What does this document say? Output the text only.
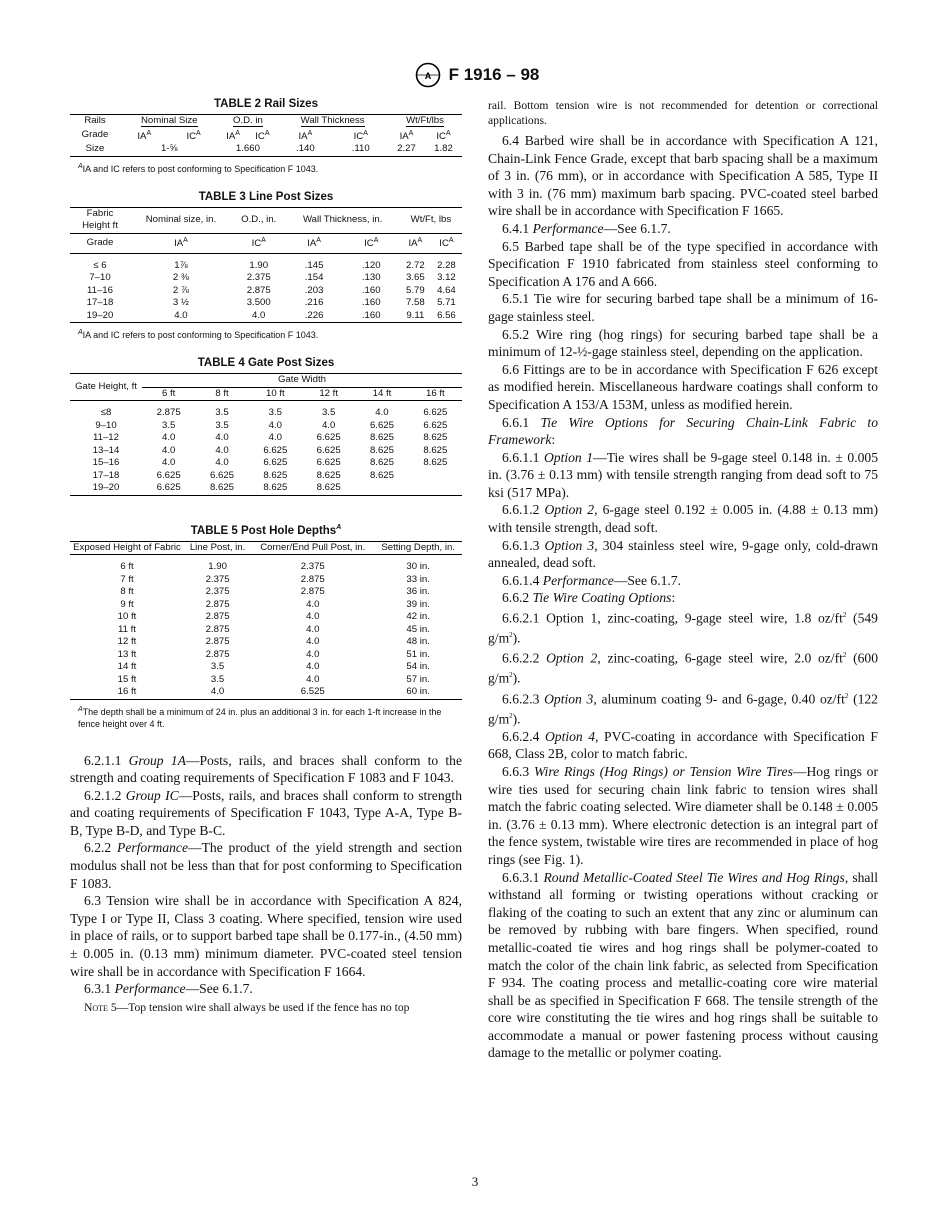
A F 1916 – 98
TABLE 2 Rail Sizes
Rails	Nominal Size		O.D. in		Wall Thickness		Wt/Ft/lbs	
Grade	$IA^A$	$IC^A$	$IA^A$	$IC^A$	$IA^A$	$IC^A$	$IA^A$	$IC^A$
Size	1-⅝		1.660		.140	.110	2.27	1.82
$^A$IA and IC refers to post conforming to Specification F 1043.
TABLE 3 Line Post Sizes
Fabric Height ft	Nominal size, in.	O.D., in.	Wall Thickness, in.		Wt/Ft, lbs	
Grade	$IA^A$	$IC^A$	$IA^A$	$IC^A$	$IA^A$	$IC^A$

≤ 6	1⅞	1.90	.145	.120	2.72	2.28
7–10	2 ⅜	2.375	.154	.130	3.65	3.12
11–16	2 ⅞	2.875	.203	.160	5.79	4.64
17–18	3 ½	3.500	.216	.160	7.58	5.71
19–20	4.0	4.0	.226	.160	9.11	6.56
$^A$IA and IC refers to post conforming to Specification F 1043.
TABLE 4 Gate Post Sizes
Gate Height, ft	Gate Width					
	6 ft	8 ft	10 ft	12 ft	14 ft	16 ft

≤8	2.875	3.5	3.5	3.5	4.0	6.625
9–10	3.5	3.5	4.0	4.0	6.625	6.625
11–12	4.0	4.0	4.0	6.625	8.625	8.625
13–14	4.0	4.0	6.625	6.625	8.625	8.625
15–16	4.0	4.0	6.625	6.625	8.625	8.625
17–18	6.625	6.625	8.625	8.625	8.625	
19–20	6.625	8.625	8.625	8.625		
TABLE 5 Post Hole Depths$^A$
Exposed Height of Fabric	Line Post, in.	Corner/End Pull Post, in.	Setting Depth, in.

6 ft	1.90	2.375	30 in.
7 ft	2.375	2.875	33 in.
8 ft	2.375	2.875	36 in.
9 ft	2.875	4.0	39 in.
10 ft	2.875	4.0	42 in.
11 ft	2.875	4.0	45 in.
12 ft	2.875	4.0	48 in.
13 ft	2.875	4.0	51 in.
14 ft	3.5	4.0	54 in.
15 ft	3.5	4.0	57 in.
16 ft	4.0	6.525	60 in.
$^A$The depth shall be a minimum of 24 in. plus an additional 3 in. for each 1-ft increase in the fence height over 4 ft.

6.2.1.1 Group 1A—Posts, rails, and braces shall conform to the strength and coating requirements of Specification F 1083 and F 1043.

6.2.1.2 Group IC—Posts, rails, and braces shall conform to strength and coating requirements of Specification F 1043, Type A-A, Type B-B, Type B-D, and Type B-C.

6.2.2 Performance—The product of the yield strength and section modulus shall not be less than that for post conforming to Specification F 1083.

6.3 Tension wire shall be in accordance with Specification A 824, Type I or Type II, Class 3 coating. Where specified, tension wire used in place of rails, or to support barbed tape shall be 0.177-in., (4.50 mm) ± 0.005 in. (0.13 mm) minimum diameter. PVC-coated steel tension wire shall be in accordance with Specification F 1664.

6.3.1 Performance—See 6.1.7.

Note 5—Top tension wire shall always be used if the fence has no top

rail. Bottom tension wire is not recommended for detention or correctional applications.

6.4 Barbed wire shall be in accordance with Specification A 121, Chain-Link Fence Grade, except that barb spacing shall be a maximum of 3 in. (76 mm), or in accordance with Specification A 585, Type II with 3 in. (76 mm) maximum barb spacing. PVC-coated steel barbed wire shall be in accordance with Specification F 1665.

6.4.1 Performance—See 6.1.7.

6.5 Barbed tape shall be of the type specified in accordance with Specification F 1910 fabricated from stainless steel conforming to Specification A 176 and A 666.

6.5.1 Tie wire for securing barbed tape shall be a minimum of 16-gage stainless steel.

6.5.2 Wire ring (hog rings) for securing barbed tape shall be a minimum of 12-½-gage stainless steel, depending on the application.

6.6 Fittings are to be in accordance with Specification F 626 except as modified herein. Miscellaneous hardware coatings shall conform to Specification A 153/A 153M, unless as modified herein.

6.6.1 Tie Wire Options for Securing Chain-Link Fabric to Framework:

6.6.1.1 Option 1—Tie wires shall be 9-gage steel 0.148 in. ± 0.005 in. (3.76 ± 0.13 mm) with tensile strength ranging from dead soft to 75 ksi (517 MPa).

6.6.1.2 Option 2, 6-gage steel 0.192 ± 0.005 in. (4.88 ± 0.13 mm) with tensile strength, dead soft.

6.6.1.3 Option 3, 304 stainless steel wire, 9-gage only, cold-drawn annealed, dead soft.

6.6.1.4 Performance—See 6.1.7.

6.6.2 Tie Wire Coating Options:

6.6.2.1 Option 1, zinc-coating, 9-gage steel wire, 1.8 $oz/ft^2$ (549 $g/m^2$).

6.6.2.2 Option 2, zinc-coating, 6-gage steel wire, 2.0 $oz/ft^2$ (600 $g/m^2$).

6.6.2.3 Option 3, aluminum coating 9- and 6-gage, 0.40 $oz/ft^2$ (122 $g/m^2$).

6.6.2.4 Option 4, PVC-coating in accordance with Specification F 668, Class 2B, color to match fabric.

6.6.3 Wire Rings (Hog Rings) or Tension Wire Tires—Hog rings or wire ties used for securing chain link fabric to tension wires shall match the fabric coating selected. Wire diameter shall be 0.148 ± 0.005 in. (3.76 ± 0.13 mm). Where electronic detection is an integral part of the fence system, twistable wire tires are recommended in place of hog rings (see Fig. 1).

6.6.3.1 Round Metallic-Coated Steel Tie Wires and Hog Rings, shall withstand all forming or twisting operations without cracking or flaking of the coating to such an extent that any zinc or aluminum can be removed by rubbing with bare fingers. When specified, round metallic-coated tie wires and hog rings shall be polymer-coated to match the color of the chain link fabric, as selected from Specification F 934. The coating process and metallic-coating core wire material shall be as specified in Specification F 668. The tensile strength of the core wire constituting the tie wires and hog rings shall be suitable to accommodate a manual or power fastening process without causing damage to the metallic or polymer coating.

3
